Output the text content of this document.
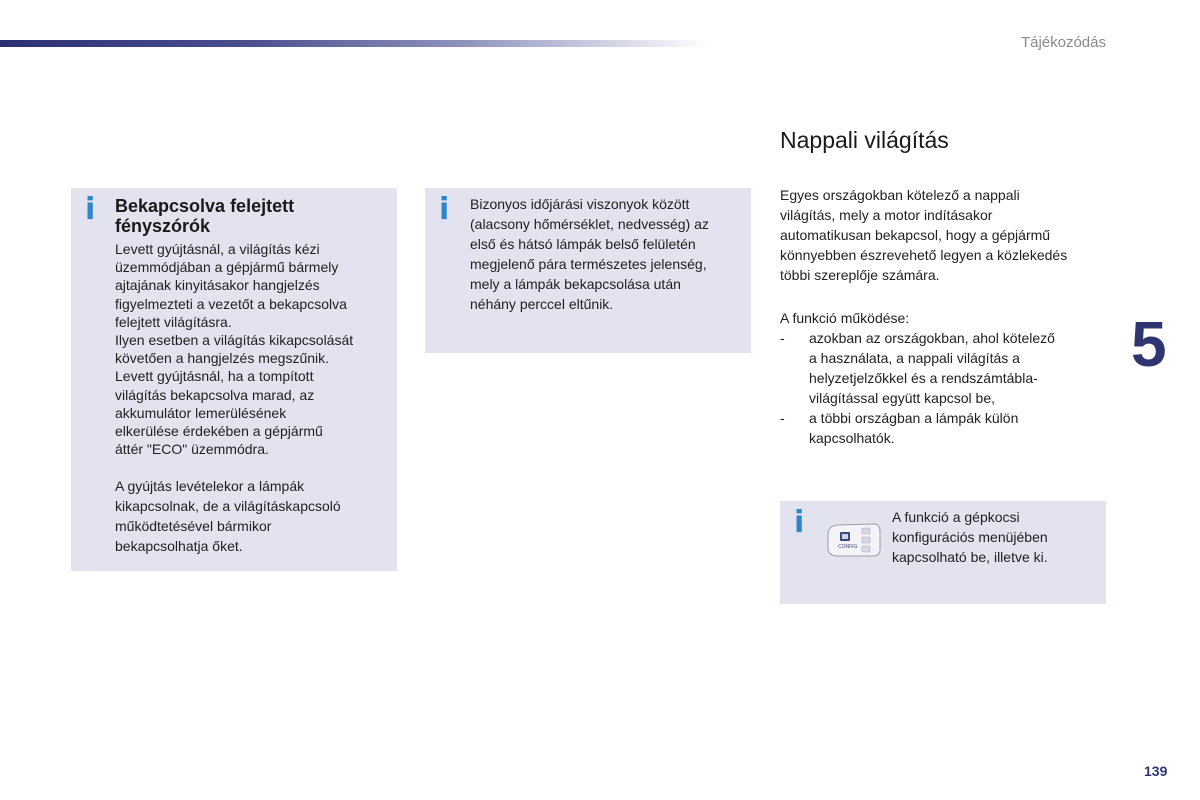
Tájékozódás
i Bekapcsolva felejtett fényszórók
Levett gyújtásnál, a világítás kézi
üzemmódjában a gépjármű bármely
ajtajának kinyitásakor hangjelzés
figyelmezteti a vezetőt a bekapcsolva
felejtett világításra.
Ilyen esetben a világítás kikapcsolását
követően a hangjelzés megszűnik.
Levett gyújtásnál, ha a tompított
világítás bekapcsolva marad, az
akkumulátor lemerülésének
elkerülése érdekében a gépjármű
áttér "ECO" üzemmódra.
A gyújtás levételekor a lámpák
kikapcsolnak, de a világításkapcsoló
működtetésével bármikor
bekapcsolhatja őket.
i Bizonyos időjárási viszonyok között
(alacsony hőmérséklet, nedvesség) az
első és hátsó lámpák belső felületén
megjelenő pára természetes jelenség,
mely a lámpák bekapcsolása után
néhány perccel eltűnik.
Nappali világítás
Egyes országokban kötelező a nappali
világítás, mely a motor indításakor
automatikusan bekapcsol, hogy a gépjármű
könnyebben észrevehető legyen a közlekedés
többi szereplője számára.
A funkció működése:
- azokban az országokban, ahol kötelező
a használata, a nappali világítás a
helyzetjelzőkkel és a rendszámtábla-
világítással együtt kapcsol be,
- a többi országban a lámpák külön
kapcsolhatók.
i
CONFIG
A funkció a gépkocsi
konfigurációs menüjében
kapcsolható be, illetve ki.
5
139
